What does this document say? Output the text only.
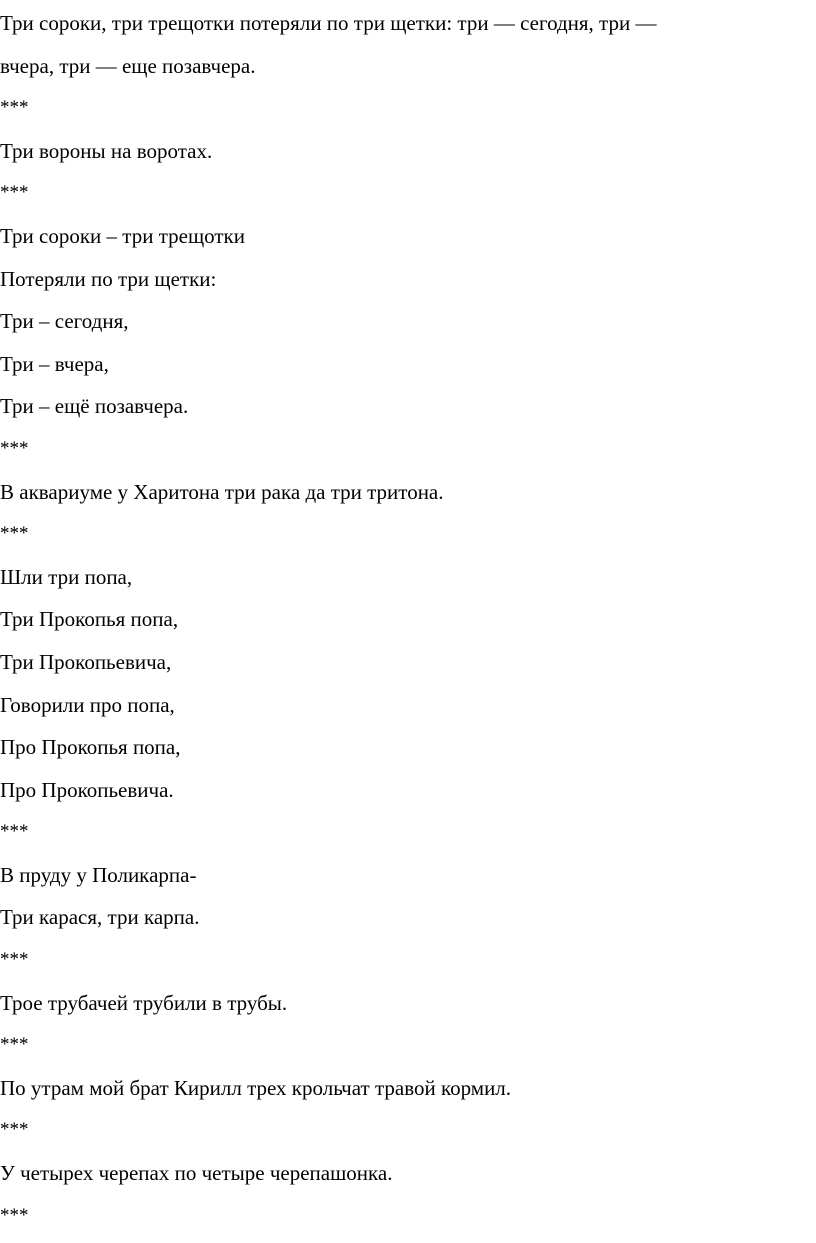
Три сороки, три трещотки потеряли по три щетки: три — сегодня, три —

вчера, три — еще позавчера.

***

Три вороны на воротах.

***

Три сороки – три трещотки

Потеряли по три щетки:

Три – сегодня,

Три – вчера,

Три – ещё позавчера.

***

В аквариуме у Харитона три рака да три тритона.

***

Шли три попа,

Три Прокопья попа,

Три Прокопьевича,

Говорили про попа,

Про Прокопья попа,

Про Прокопьевича.

***

В пруду у Поликарпа-

Три карася, три карпа.

***

Трое трубачей трубили в трубы.

***

По утрам мой брат Кирилл трех крольчат травой кормил.

***

У четырех черепах по четыре черепашонка.

***
